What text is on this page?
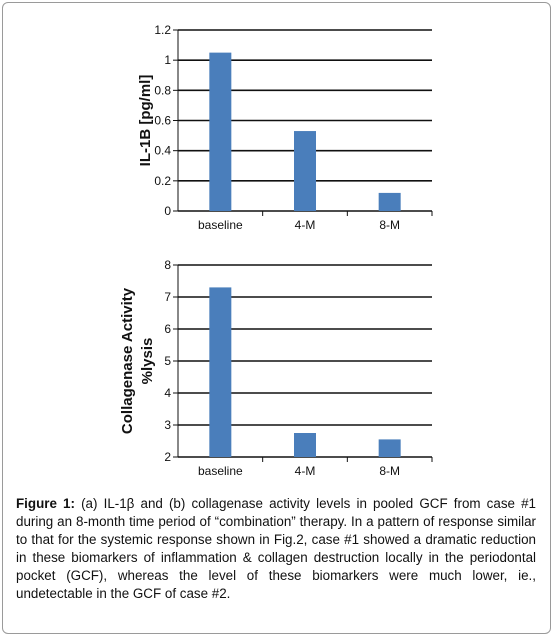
0
0.2
0.4
0.6
0.8
1
1.2
baseline	4-M	8-M
IL-1B [pg/ml]
2
3
4
5
6
7
8
baseline	4-M	8-M
Collagenase Activity %lysis
Figure 1: (a) IL-1β and (b) collagenase activity levels in pooled GCF from case #1 during an 8-month time period of “combination” therapy. In a pattern of response similar to that for the systemic response shown in Fig.2, case #1 showed a dramatic reduction in these biomarkers of inflammation & collagen destruction locally in the periodontal pocket (GCF), whereas the level of these biomarkers were much lower, ie., undetectable in the GCF of case #2.
